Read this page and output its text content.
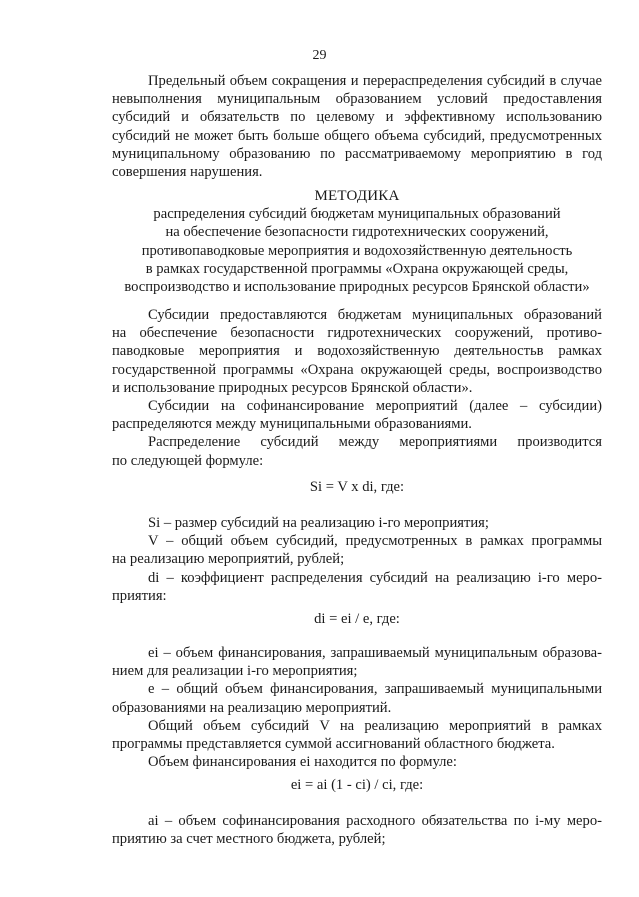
29

Предельный объем сокращения и перераспределения субсидий в случае

невыполнения муниципальным образованием условий предоставления

субсидий и обязательств по целевому и эффективному использованию

субсидий не может быть больше общего объема субсидий, предусмотренных

муниципальному образованию по рассматриваемому мероприятию в год

совершения нарушения.

МЕТОДИКА

распределения субсидий бюджетам муниципальных образований

на обеспечение безопасности гидротехнических сооружений,

противопаводковые мероприятия и водохозяйственную деятельность

в рамках государственной программы «Охрана окружающей среды,

воспроизводство и использование природных ресурсов Брянской области»

Субсидии предоставляются бюджетам муниципальных образований

на обеспечение безопасности гидротехнических сооружений, противо-

паводковые мероприятия и водохозяйственную деятельностьв рамках

государственной программы «Охрана окружающей среды, воспроизводство

и использование природных ресурсов Брянской области».

Субсидии на софинансирование мероприятий (далее – субсидии)

распределяются между муниципальными образованиями.

Распределение субсидий между мероприятиями производится

по следующей формуле:

Si = V x di, где:

Si – размер субсидий на реализацию i-го мероприятия;

V – общий объем субсидий, предусмотренных в рамках программы

на реализацию мероприятий, рублей;

di – коэффициент распределения субсидий на реализацию i-го меро-

приятия:

di = ei / e, где:

ei – объем финансирования, запрашиваемый муниципальным образова-

нием для реализации i-го мероприятия;

e – общий объем финансирования, запрашиваемый муниципальными

образованиями на реализацию мероприятий.

Общий объем субсидий V на реализацию мероприятий в рамках

программы представляется суммой ассигнований областного бюджета.

Объем финансирования ei находится по формуле:

ei = ai (1 - ci) / ci, где:

ai – объем софинансирования расходного обязательства по i-му меро-

приятию за счет местного бюджета, рублей;
